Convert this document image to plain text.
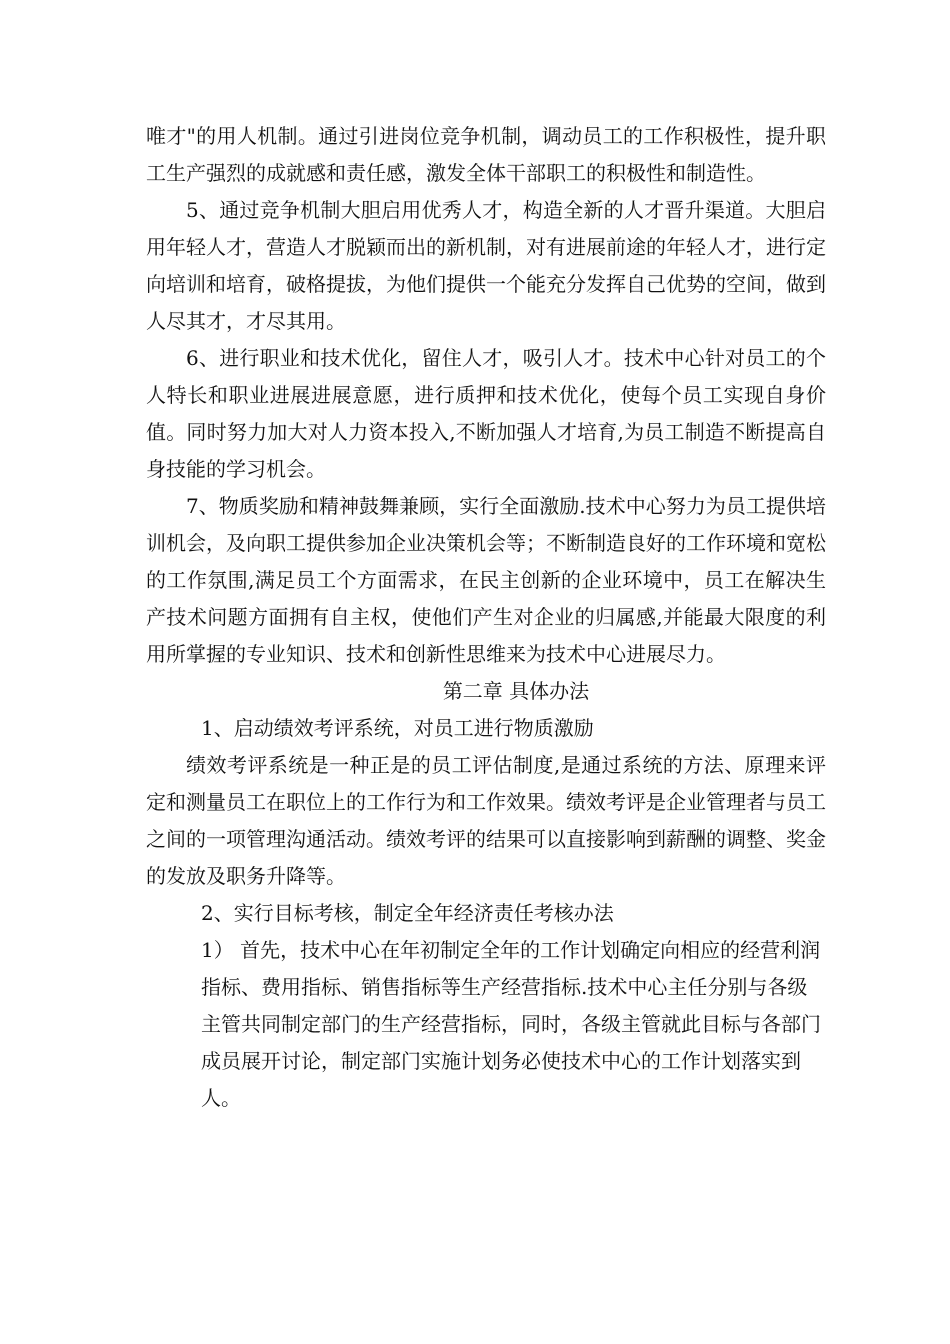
唯才"的用人机制。通过引进岗位竞争机制，调动员工的工作积极性，提升职工生产强烈的成就感和责任感，激发全体干部职工的积极性和制造性。

5、通过竞争机制大胆启用优秀人才，构造全新的人才晋升渠道。大胆启用年轻人才，营造人才脱颖而出的新机制，对有进展前途的年轻人才，进行定向培训和培育，破格提拔，为他们提供一个能充分发挥自己优势的空间，做到人尽其才，才尽其用。

6、进行职业和技术优化，留住人才，吸引人才。技术中心针对员工的个人特长和职业进展进展意愿，进行质押和技术优化，使每个员工实现自身价值。同时努力加大对人力资本投入,不断加强人才培育,为员工制造不断提高自身技能的学习机会。

7、物质奖励和精神鼓舞兼顾，实行全面激励.技术中心努力为员工提供培训机会，及向职工提供参加企业决策机会等；不断制造良好的工作环境和宽松的工作氛围,满足员工个方面需求，在民主创新的企业环境中，员工在解决生产技术问题方面拥有自主权，使他们产生对企业的归属感,并能最大限度的利用所掌握的专业知识、技术和创新性思维来为技术中心进展尽力。

第二章 具体办法

1、启动绩效考评系统，对员工进行物质激励

绩效考评系统是一种正是的员工评估制度,是通过系统的方法、原理来评定和测量员工在职位上的工作行为和工作效果。绩效考评是企业管理者与员工之间的一项管理沟通活动。绩效考评的结果可以直接影响到薪酬的调整、奖金的发放及职务升降等。

2、实行目标考核，制定全年经济责任考核办法

1） 首先，技术中心在年初制定全年的工作计划确定向相应的经营利润指标、费用指标、销售指标等生产经营指标.技术中心主任分别与各级主管共同制定部门的生产经营指标，同时，各级主管就此目标与各部门成员展开讨论，制定部门实施计划务必使技术中心的工作计划落实到人。
